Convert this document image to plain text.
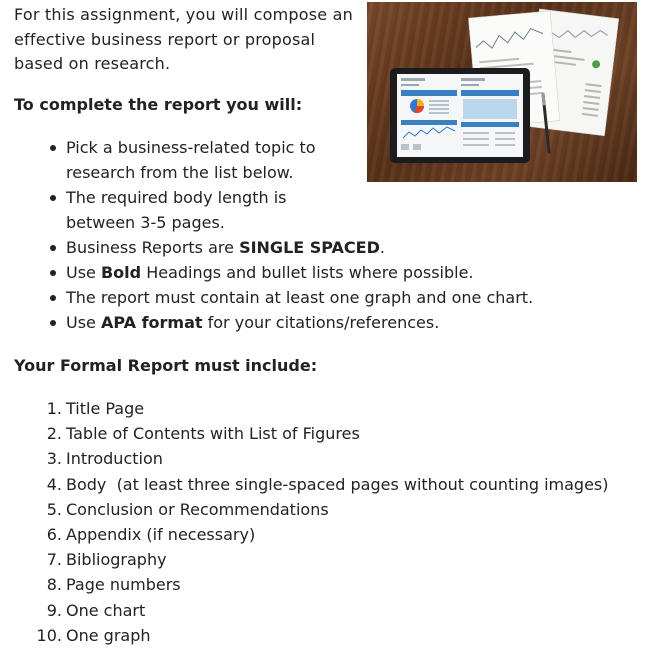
For this assignment, you will compose an effective business report or proposal based on research.

To complete the report you will:
Pick a business-related topic to research from the list below.
The required body length is between 3-5 pages.
Business Reports are SINGLE SPACED.
Use Bold Headings and bullet lists where possible.
The report must contain at least one graph and one chart.
Use APA format for your citations/references.
Your Formal Report must include:
1. Title Page
2. Table of Contents with List of Figures
3. Introduction
4. Body  (at least three single-spaced pages without counting images)
5. Conclusion or Recommendations
6. Appendix (if necessary)
7. Bibliography
8. Page numbers
9. One chart
10. One graph
